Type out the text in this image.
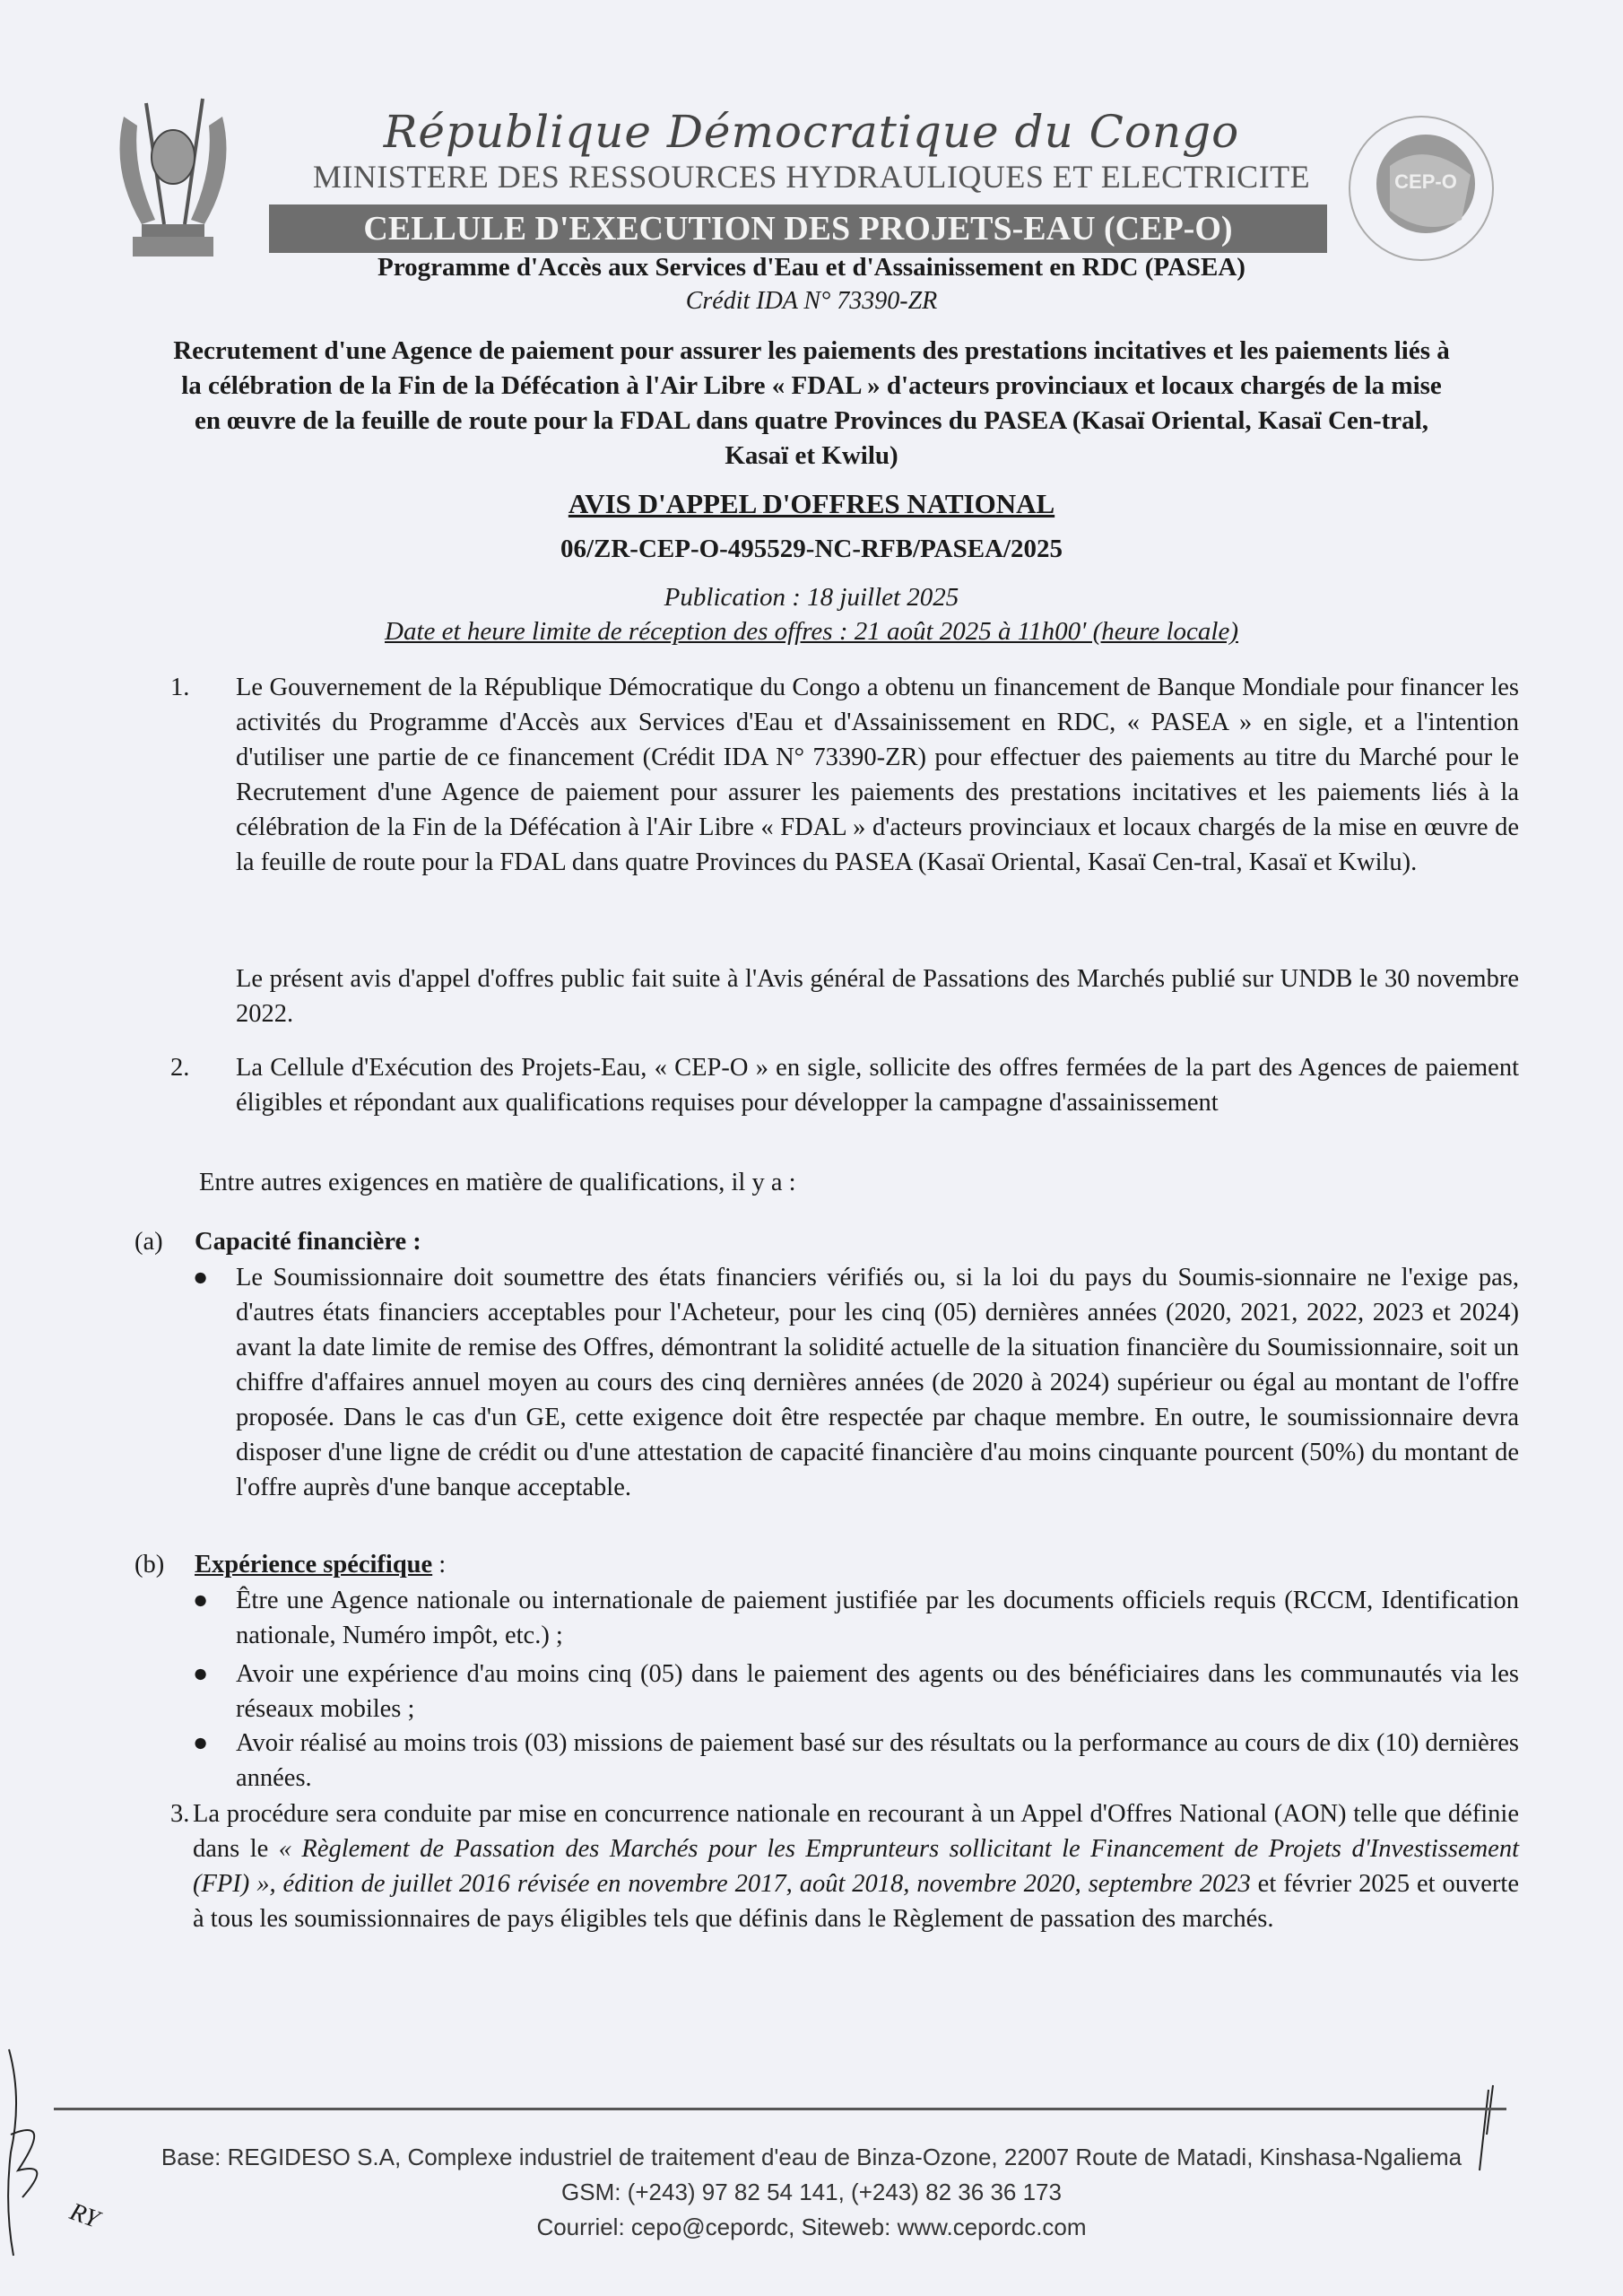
CEP-O
République Démocratique du Congo
MINISTERE DES RESSOURCES HYDRAULIQUES ET ELECTRICITE
CELLULE D'EXECUTION DES PROJETS-EAU (CEP-O)
Programme d'Accès aux Services d'Eau et d'Assainissement en RDC (PASEA)
Crédit IDA N° 73390-ZR
Recrutement d'une Agence de paiement pour assurer les paiements des prestations incitatives et les paiements liés à la célébration de la Fin de la Défécation à l'Air Libre « FDAL » d'acteurs provinciaux et locaux chargés de la mise en œuvre de la feuille de route pour la FDAL dans quatre Provinces du PASEA (Kasaï Oriental, Kasaï Cen-tral, Kasaï et Kwilu)
AVIS D'APPEL D'OFFRES NATIONAL
06/ZR-CEP-O-495529-NC-RFB/PASEA/2025
Publication : 18 juillet 2025
Date et heure limite de réception des offres : 21 août 2025 à 11h00' (heure locale)
1. Le Gouvernement de la République Démocratique du Congo a obtenu un financement de Banque Mondiale pour financer les activités du Programme d'Accès aux Services d'Eau et d'Assainissement en RDC, « PASEA » en sigle, et a l'intention d'utiliser une partie de ce financement (Crédit IDA N° 73390-ZR) pour effectuer des paiements au titre du Marché pour le Recrutement d'une Agence de paiement pour assurer les paiements des prestations incitatives et les paiements liés à la célébration de la Fin de la Défécation à l'Air Libre « FDAL » d'acteurs provinciaux et locaux chargés de la mise en œuvre de la feuille de route pour la FDAL dans quatre Provinces du PASEA (Kasaï Oriental, Kasaï Cen-tral, Kasaï et Kwilu).
Le présent avis d'appel d'offres public fait suite à l'Avis général de Passations des Marchés publié sur UNDB le 30 novembre 2022.
2. La Cellule d'Exécution des Projets-Eau, « CEP-O » en sigle, sollicite des offres fermées de la part des Agences de paiement éligibles et répondant aux qualifications requises pour développer la campagne d'assainissement
Entre autres exigences en matière de qualifications, il y a :
(a) Capacité financière :
● Le Soumissionnaire doit soumettre des états financiers vérifiés ou, si la loi du pays du Soumis-sionnaire ne l'exige pas, d'autres états financiers acceptables pour l'Acheteur, pour les cinq (05) dernières années (2020, 2021, 2022, 2023 et 2024) avant la date limite de remise des Offres, démontrant la solidité actuelle de la situation financière du Soumissionnaire, soit un chiffre d'affaires annuel moyen au cours des cinq dernières années (de 2020 à 2024) supérieur ou égal au montant de l'offre proposée. Dans le cas d'un GE, cette exigence doit être respectée par chaque membre. En outre, le soumissionnaire devra disposer d'une ligne de crédit ou d'une attestation de capacité financière d'au moins cinquante pourcent (50%) du montant de l'offre auprès d'une banque acceptable.
(b) Expérience spécifique :
● Être une Agence nationale ou internationale de paiement justifiée par les documents officiels requis (RCCM, Identification nationale, Numéro impôt, etc.) ;
● Avoir une expérience d'au moins cinq (05) dans le paiement des agents ou des bénéficiaires dans les communautés via les réseaux mobiles ;
● Avoir réalisé au moins trois (03) missions de paiement basé sur des résultats ou la performance au cours de dix (10) dernières années.
3. La procédure sera conduite par mise en concurrence nationale en recourant à un Appel d'Offres National (AON) telle que définie dans le « Règlement de Passation des Marchés pour les Emprunteurs sollicitant le Financement de Projets d'Investissement (FPI) », édition de juillet 2016 révisée en novembre 2017, août 2018, novembre 2020, septembre 2023 et février 2025 et ouverte à tous les soumissionnaires de pays éligibles tels que définis dans le Règlement de passation des marchés.
RY
Base: REGIDESO S.A, Complexe industriel de traitement d'eau de Binza-Ozone, 22007 Route de Matadi, Kinshasa-Ngaliema
GSM: (+243) 97 82 54 141, (+243) 82 36 36 173
Courriel: cepo@cepordc, Siteweb: www.cepordc.com
